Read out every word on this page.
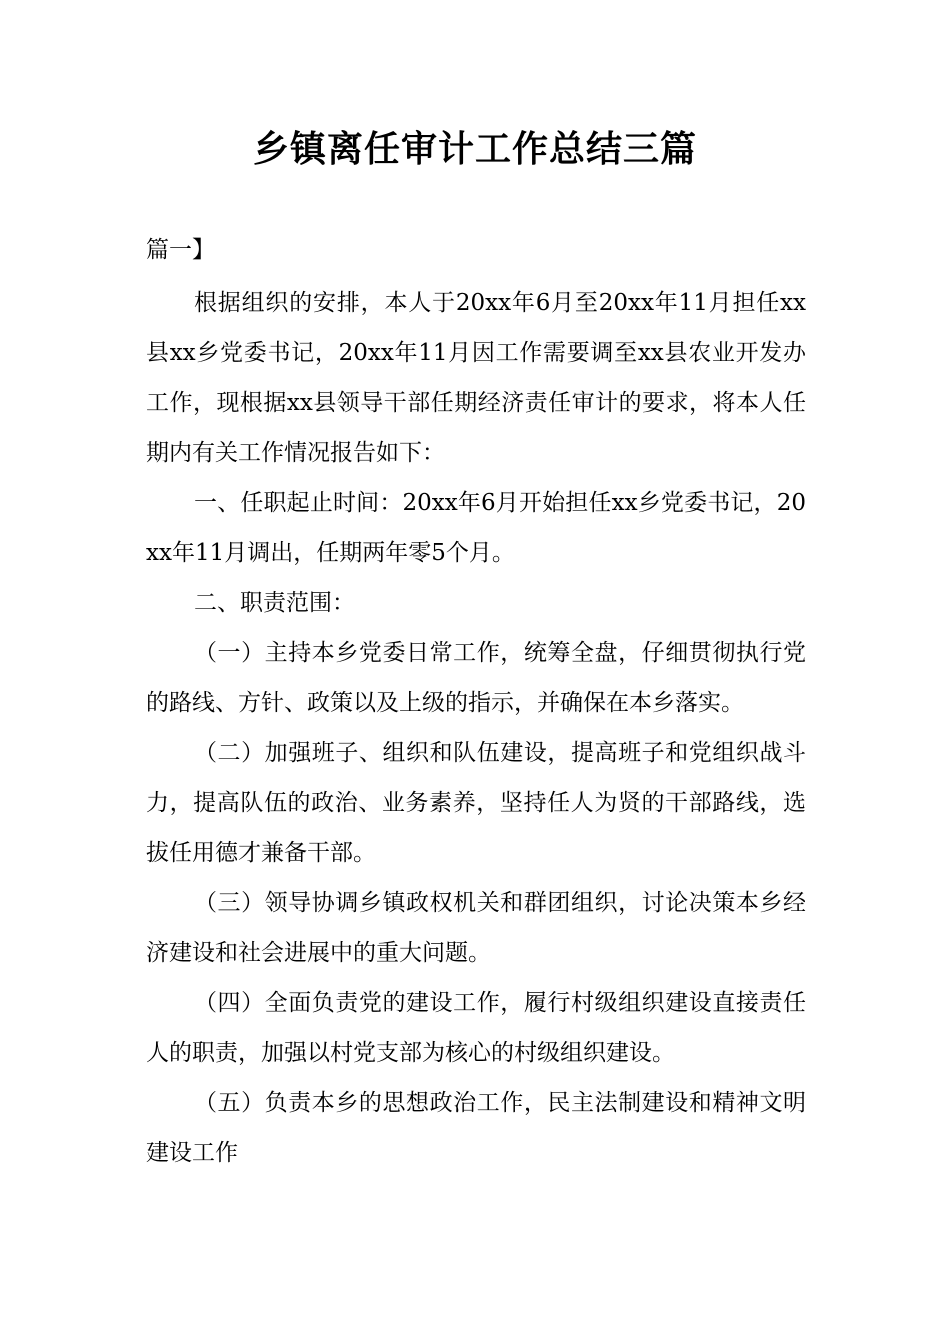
乡镇离任审计工作总结三篇

篇一】

根据组织的安排，本人于20xx年6月至20xx年11月担任xx县xx乡党委书记，20xx年11月因工作需要调至xx县农业开发办工作，现根据xx县领导干部任期经济责任审计的要求，将本人任期内有关工作情况报告如下：

一、任职起止时间：20xx年6月开始担任xx乡党委书记，20xx年11月调出，任期两年零5个月。

二、职责范围：

（一）主持本乡党委日常工作，统筹全盘，仔细贯彻执行党的路线、方针、政策以及上级的指示，并确保在本乡落实。

（二）加强班子、组织和队伍建设，提高班子和党组织战斗力，提高队伍的政治、业务素养，坚持任人为贤的干部路线，选拔任用德才兼备干部。

（三）领导协调乡镇政权机关和群团组织，讨论决策本乡经济建设和社会进展中的重大问题。

（四）全面负责党的建设工作，履行村级组织建设直接责任人的职责，加强以村党支部为核心的村级组织建设。

（五）负责本乡的思想政治工作，民主法制建设和精神文明建设工作
